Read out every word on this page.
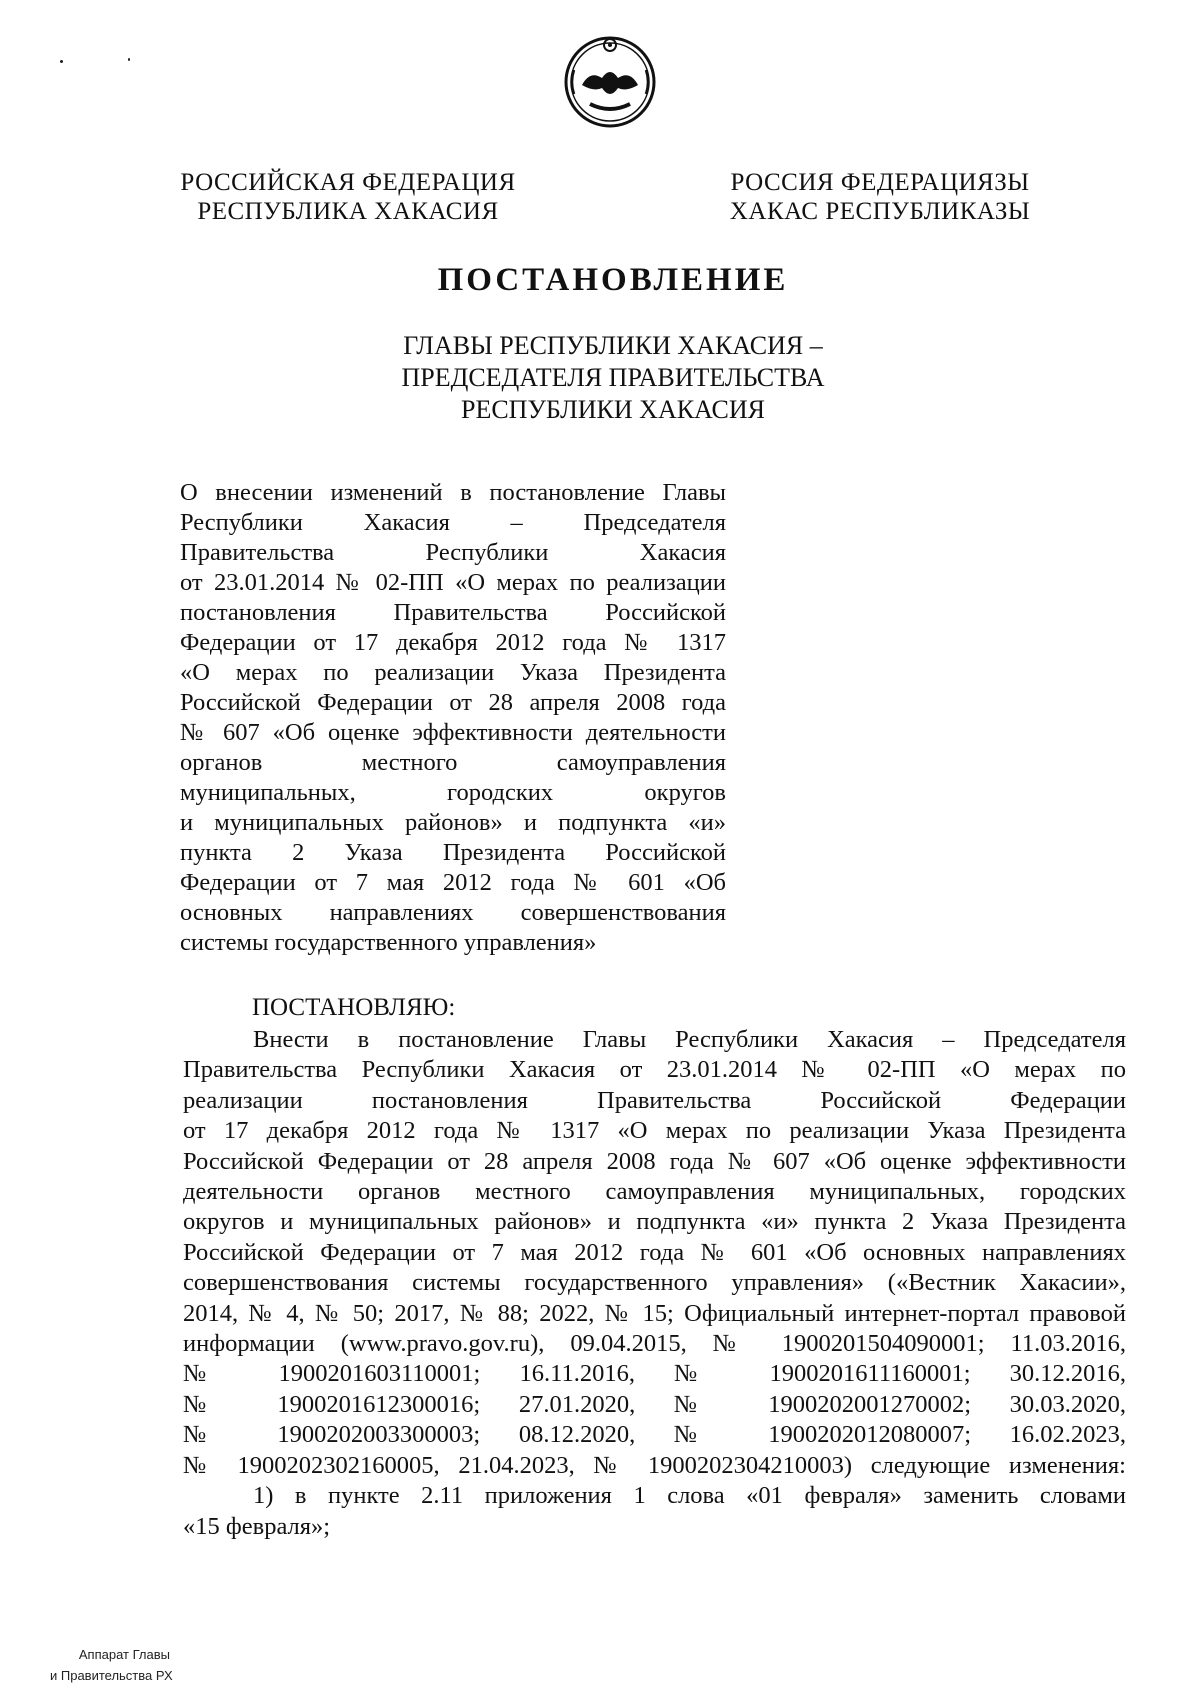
РОССИЙСКАЯ ФЕДЕРАЦИЯ
РЕСПУБЛИКА ХАКАСИЯ
РОССИЯ ФЕДЕРАЦИЯЗЫ
ХАКАС РЕСПУБЛИКАЗЫ
ПОСТАНОВЛЕНИЕ
ГЛАВЫ РЕСПУБЛИКИ ХАКАСИЯ –
ПРЕДСЕДАТЕЛЯ ПРАВИТЕЛЬСТВА
РЕСПУБЛИКИ ХАКАСИЯ
О внесении изменений в постановление Главы
Республики Хакасия – Председателя
Правительства Республики Хакасия
от 23.01.2014 № 02-ПП «О мерах по реализации
постановления Правительства Российской
Федерации от 17 декабря 2012 года № 1317
«О мерах по реализации Указа Президента
Российской Федерации от 28 апреля 2008 года
№ 607 «Об оценке эффективности деятельности
органов местного самоуправления
муниципальных, городских округов
и муниципальных районов» и подпункта «и»
пункта 2 Указа Президента Российской
Федерации от 7 мая 2012 года № 601 «Об
основных направлениях совершенствования
системы государственного управления»
ПОСТАНОВЛЯЮ:
Внести в постановление Главы Республики Хакасия – Председателя
Правительства Республики Хакасия от 23.01.2014 № 02-ПП «О мерах по
реализации постановления Правительства Российской Федерации
от 17 декабря 2012 года № 1317 «О мерах по реализации Указа Президента
Российской Федерации от 28 апреля 2008 года № 607 «Об оценке эффективности
деятельности органов местного самоуправления муниципальных, городских
округов и муниципальных районов» и подпункта «и» пункта 2 Указа Президента
Российской Федерации от 7 мая 2012 года № 601 «Об основных направлениях
совершенствования системы государственного управления» («Вестник Хакасии»,
2014, № 4, № 50; 2017, № 88; 2022, № 15; Официальный интернет-портал правовой
информации (www.pravo.gov.ru), 09.04.2015, № 1900201504090001; 11.03.2016,
№ 1900201603110001; 16.11.2016, № 1900201611160001; 30.12.2016,
№ 1900201612300016; 27.01.2020, № 1900202001270002; 30.03.2020,
№ 1900202003300003; 08.12.2020, № 1900202012080007; 16.02.2023,
№ 1900202302160005, 21.04.2023, № 1900202304210003) следующие изменения:
1) в пункте 2.11 приложения 1 слова «01 февраля» заменить словами
«15 февраля»;
Аппарат Главы
и Правительства РХ
